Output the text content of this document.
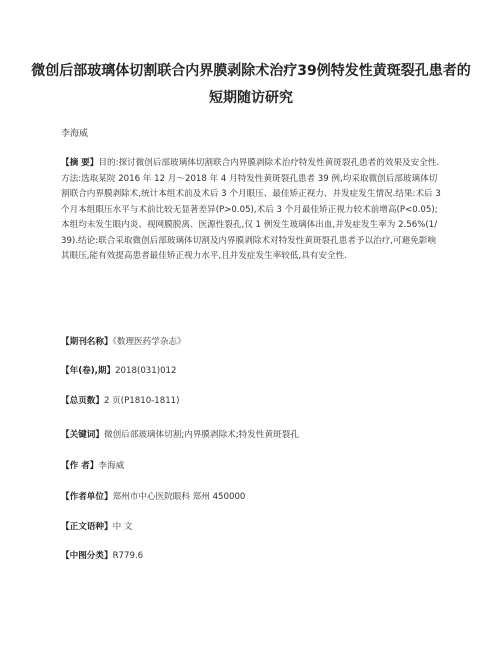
微创后部玻璃体切割联合内界膜剥除术治疗39例特发性黄斑裂孔患者的短期随访研究
李海威

【摘 要】目的:探讨微创后部玻璃体切割联合内界膜剥除术治疗特发性黄斑裂孔患者的效果及安全性.方法:选取某院 2016 年 12 月～2018 年 4 月特发性黄斑裂孔患者 39 例,均采取微创后部玻璃体切割联合内界膜剥除术,统计本组术前及术后 3 个月眼压、最佳矫正视力、并发症发生情况.结果:术后 3 个月本组眼压水平与术前比较无显著差异(P>0.05),术后 3 个月最佳矫正视力较术前增高(P<0.05);本组均未发生眼内炎、视网膜脱离、医源性裂孔,仅 1 例发生玻璃体出血,并发症发生率为 2.56%(1/39).结论:联合采取微创后部玻璃体切割及内界膜剥除术对特发性黄斑裂孔患者予以治疗,可避免影响其眼压,能有效提高患者最佳矫正视力水平,且并发症发生率较低,具有安全性.

【期刊名称】《数理医药学杂志》

【年(卷),期】2018(031)012

【总页数】2 页(P1810-1811)

【关键词】微创后部玻璃体切割;内界膜剥除术;特发性黄斑裂孔

【作 者】李海威

【作者单位】郑州市中心医院眼科 郑州 450000

【正文语种】中 文

【中图分类】R779.6
